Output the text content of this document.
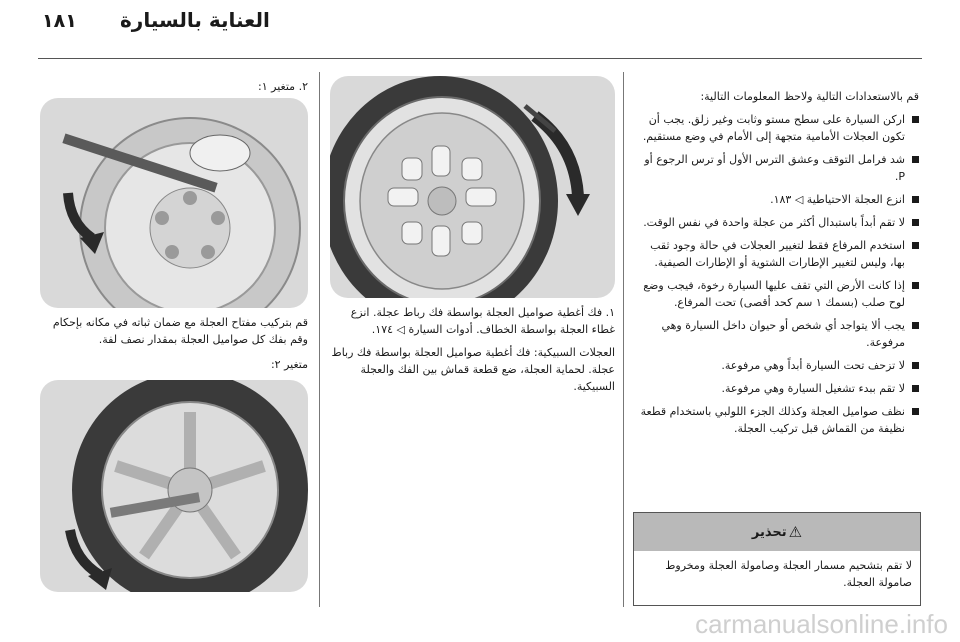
١٨١ العناية بالسيارة

قم بالاستعدادات التالية ولاحظ المعلومات التالية:

اركن السيارة على سطح مستو وثابت وغير زلق. يجب أن تكون العجلات الأمامية متجهة إلى الأمام في وضع مستقيم.
شد فرامل التوقف وعشق الترس الأول أو ترس الرجوع أو P.
انزع العجلة الاحتياطية ◁ ١٨٣.
لا تقم أبداً باستبدال أكثر من عجلة واحدة في نفس الوقت.
استخدم المرفاع فقط لتغيير العجلات في حالة وجود ثقب بها، وليس لتغيير الإطارات الشتوية أو الإطارات الصيفية.
إذا كانت الأرض التي تقف عليها السيارة رخوة، فيجب وضع لوح صلب (بسمك ١ سم كحد أقصى) تحت المرفاع.
يجب ألا يتواجد أي شخص أو حيوان داخل السيارة وهي مرفوعة.
لا تزحف تحت السيارة أبداً وهي مرفوعة.
لا تقم ببدء تشغيل السيارة وهي مرفوعة.
نظف صواميل العجلة وكذلك الجزء اللولبي باستخدام قطعة نظيفة من القماش قبل تركيب العجلة.
⚠
تحذير
لا تقم بتشحيم مسمار العجلة وصامولة العجلة ومخروط صامولة العجلة.

١. فك أغطية صواميل العجلة بواسطة فك رباط عجلة. انزع غطاء العجلة بواسطة الخطاف. أدوات السيارة ◁ ١٧٤.

العجلات السبيكية: فك أغطية صواميل العجلة بواسطة فك رباط عجلة. لحماية العجلة، ضع قطعة قماش بين الفك والعجلة السبيكية.

٢. متغير ١:
قم بتركيب مفتاح العجلة مع ضمان ثباته في مكانه بإحكام وقم بفك كل صواميل العجلة بمقدار نصف لفة.
متغير ٢:
carmanualsonline.info
